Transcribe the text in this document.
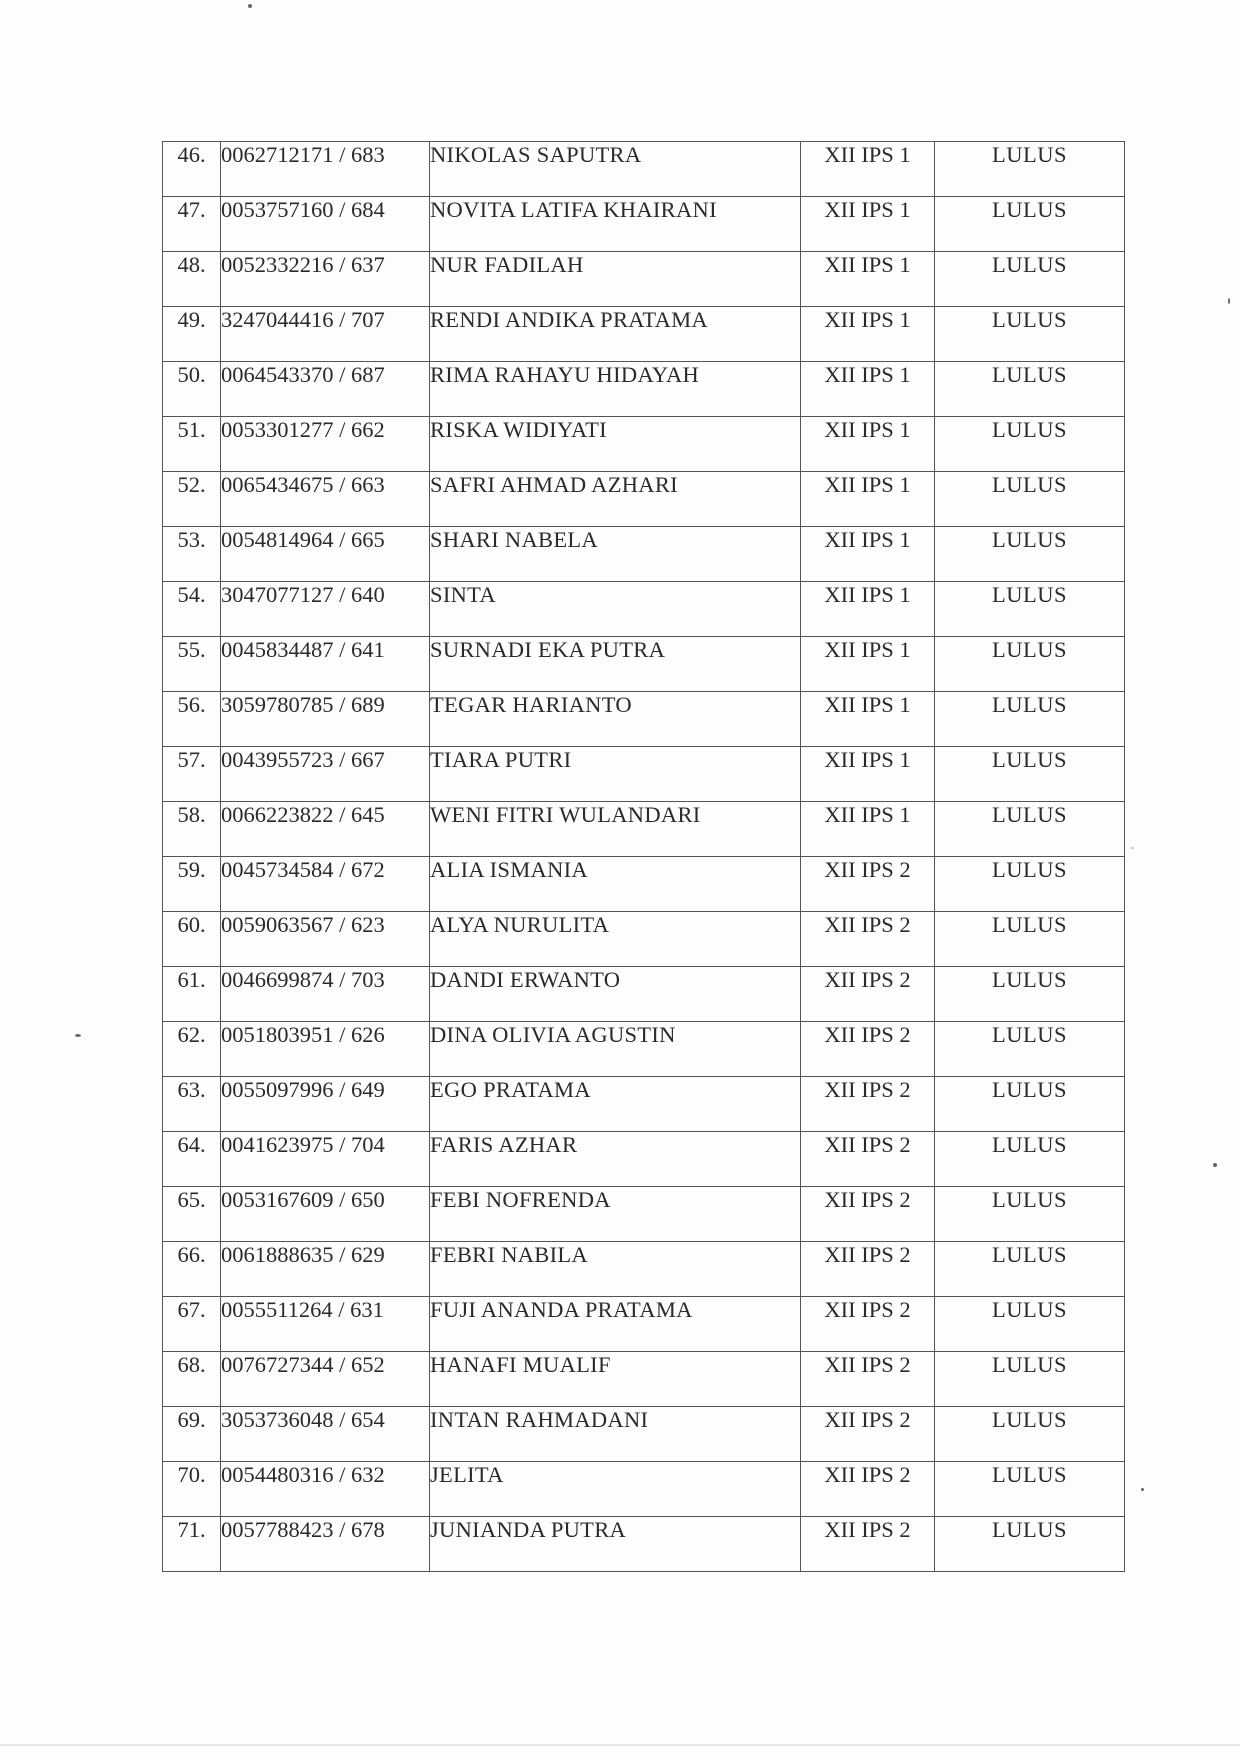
46.	0062712171 / 683	NIKOLAS SAPUTRA	XII IPS 1	LULUS
47.	0053757160 / 684	NOVITA LATIFA KHAIRANI	XII IPS 1	LULUS
48.	0052332216 / 637	NUR FADILAH	XII IPS 1	LULUS
49.	3247044416 / 707	RENDI ANDIKA PRATAMA	XII IPS 1	LULUS
50.	0064543370 / 687	RIMA RAHAYU HIDAYAH	XII IPS 1	LULUS
51.	0053301277 / 662	RISKA WIDIYATI	XII IPS 1	LULUS
52.	0065434675 / 663	SAFRI AHMAD AZHARI	XII IPS 1	LULUS
53.	0054814964 / 665	SHARI NABELA	XII IPS 1	LULUS
54.	3047077127 / 640	SINTA	XII IPS 1	LULUS
55.	0045834487 / 641	SURNADI EKA PUTRA	XII IPS 1	LULUS
56.	3059780785 / 689	TEGAR HARIANTO	XII IPS 1	LULUS
57.	0043955723 / 667	TIARA PUTRI	XII IPS 1	LULUS
58.	0066223822 / 645	WENI FITRI WULANDARI	XII IPS 1	LULUS
59.	0045734584 / 672	ALIA ISMANIA	XII IPS 2	LULUS
60.	0059063567 / 623	ALYA NURULITA	XII IPS 2	LULUS
61.	0046699874 / 703	DANDI ERWANTO	XII IPS 2	LULUS
62.	0051803951 / 626	DINA OLIVIA AGUSTIN	XII IPS 2	LULUS
63.	0055097996 / 649	EGO PRATAMA	XII IPS 2	LULUS
64.	0041623975 / 704	FARIS AZHAR	XII IPS 2	LULUS
65.	0053167609 / 650	FEBI NOFRENDA	XII IPS 2	LULUS
66.	0061888635 / 629	FEBRI NABILA	XII IPS 2	LULUS
67.	0055511264 / 631	FUJI ANANDA PRATAMA	XII IPS 2	LULUS
68.	0076727344 / 652	HANAFI MUALIF	XII IPS 2	LULUS
69.	3053736048 / 654	INTAN RAHMADANI	XII IPS 2	LULUS
70.	0054480316 / 632	JELITA	XII IPS 2	LULUS
71.	0057788423 / 678	JUNIANDA PUTRA	XII IPS 2	LULUS
